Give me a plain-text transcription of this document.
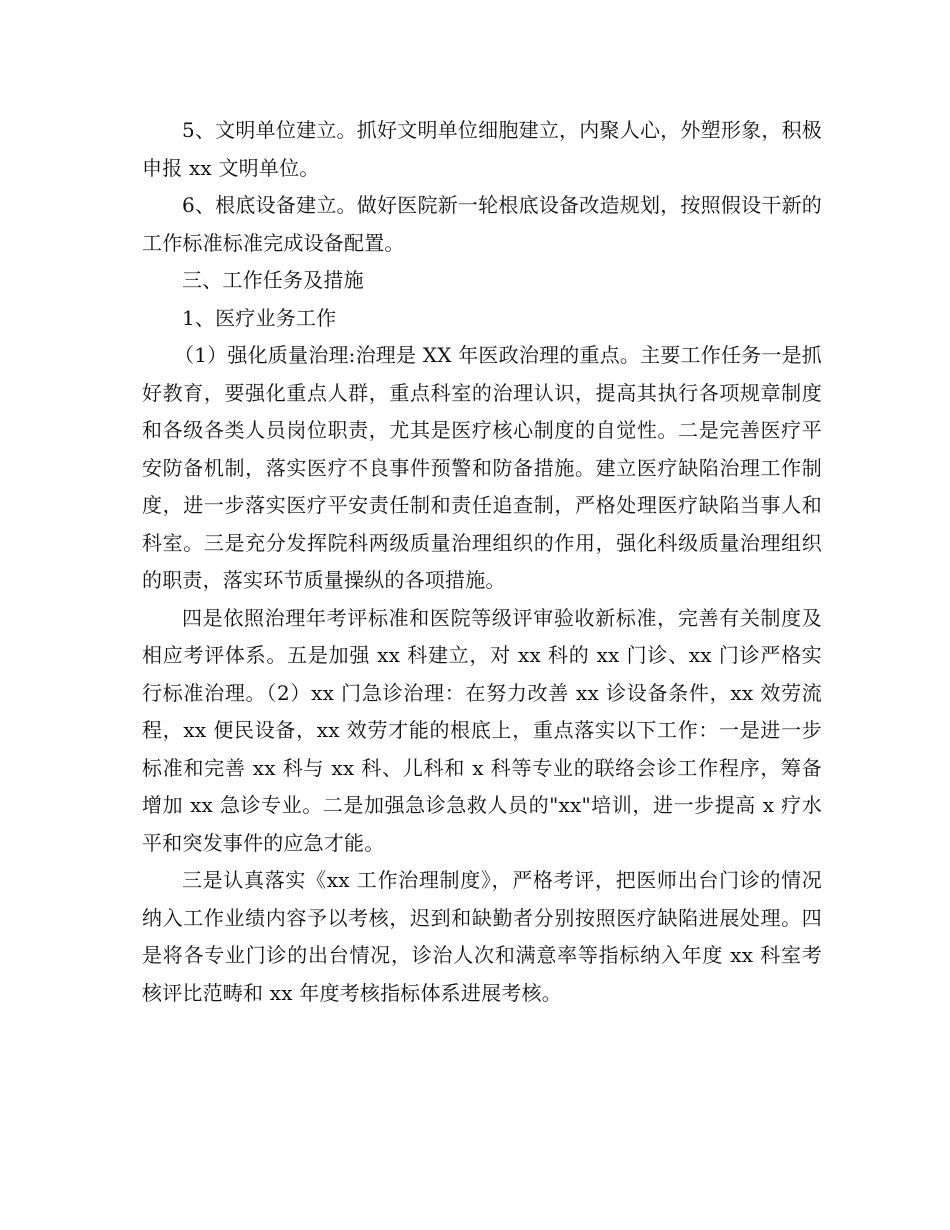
5、文明单位建立。抓好文明单位细胞建立，内聚人心，外塑形象，积极申报 xx 文明单位。

6、根底设备建立。做好医院新一轮根底设备改造规划，按照假设干新的工作标准标准完成设备配置。

三、工作任务及措施

1、医疗业务工作

（1）强化质量治理:治理是 XX 年医政治理的重点。主要工作任务一是抓好教育，要强化重点人群，重点科室的治理认识，提高其执行各项规章制度和各级各类人员岗位职责，尤其是医疗核心制度的自觉性。二是完善医疗平安防备机制，落实医疗不良事件预警和防备措施。建立医疗缺陷治理工作制度，进一步落实医疗平安责任制和责任追查制，严格处理医疗缺陷当事人和科室。三是充分发挥院科两级质量治理组织的作用，强化科级质量治理组织的职责，落实环节质量操纵的各项措施。

四是依照治理年考评标准和医院等级评审验收新标准，完善有关制度及相应考评体系。五是加强 xx 科建立，对 xx 科的 xx 门诊、xx 门诊严格实行标准治理。（2）xx 门急诊治理：在努力改善 xx 诊设备条件，xx 效劳流程，xx 便民设备，xx 效劳才能的根底上，重点落实以下工作：一是进一步标准和完善 xx 科与 xx 科、儿科和 x 科等专业的联络会诊工作程序，筹备增加 xx 急诊专业。二是加强急诊急救人员的"xx"培训，进一步提高 x 疗水平和突发事件的应急才能。

三是认真落实《xx 工作治理制度》，严格考评，把医师出台门诊的情况纳入工作业绩内容予以考核，迟到和缺勤者分别按照医疗缺陷进展处理。四是将各专业门诊的出台情况，诊治人次和满意率等指标纳入年度 xx 科室考核评比范畴和 xx 年度考核指标体系进展考核。
